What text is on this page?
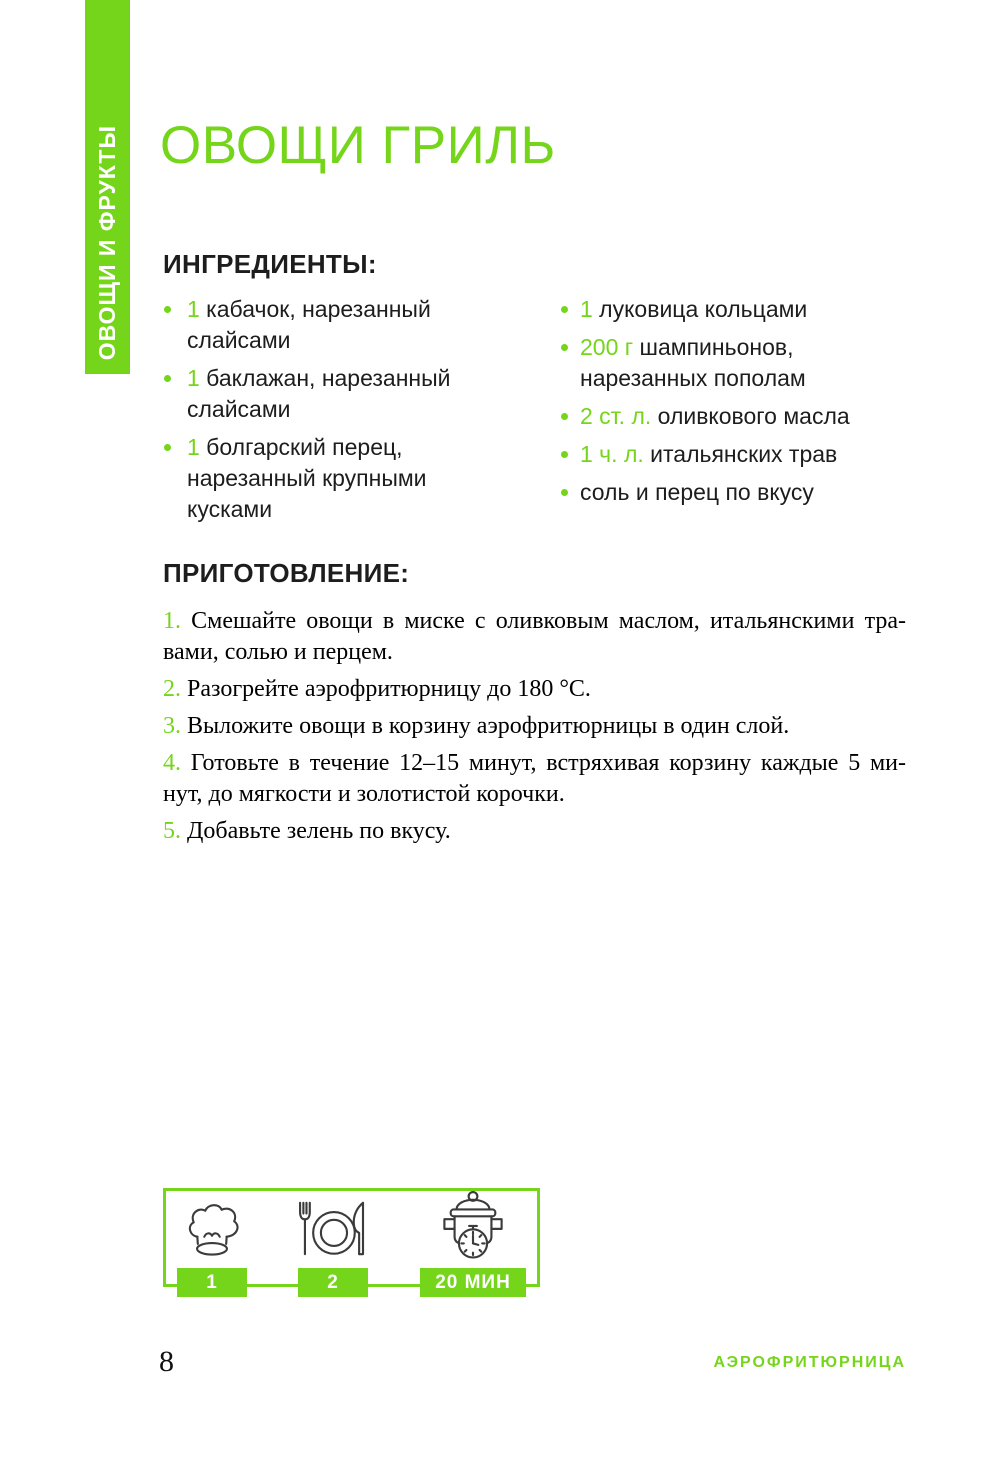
ОВОЩИ И ФРУКТЫ ОВОЩИ ГРИЛЬ
ИНГРЕДИЕНТЫ:
1 кабачок, нарезанный слайсами
1 баклажан, нарезанный слайсами
1 болгарский перец, нарезанный крупными кусками
1 луковица кольцами
200 г шампиньонов, нарезанных пополам
2 ст. л. оливкового масла
1 ч. л. итальянских трав
соль и перец по вкусу
ПРИГОТОВЛЕНИЕ:
1. Смешайте овощи в миске с оливковым маслом, итальянскими тра-
вами, солью и перцем.
2. Разогрейте аэрофритюрницу до 180 °C.
3. Выложите овощи в корзину аэрофритюрницы в один слой.
4. Готовьте в течение 12–15 минут, встряхивая корзину каждые 5 ми-
нут, до мягкости и золотистой корочки.
5. Добавьте зелень по вкусу.
1	2	20 МИН
8	АЭРОФРИТЮРНИЦА
